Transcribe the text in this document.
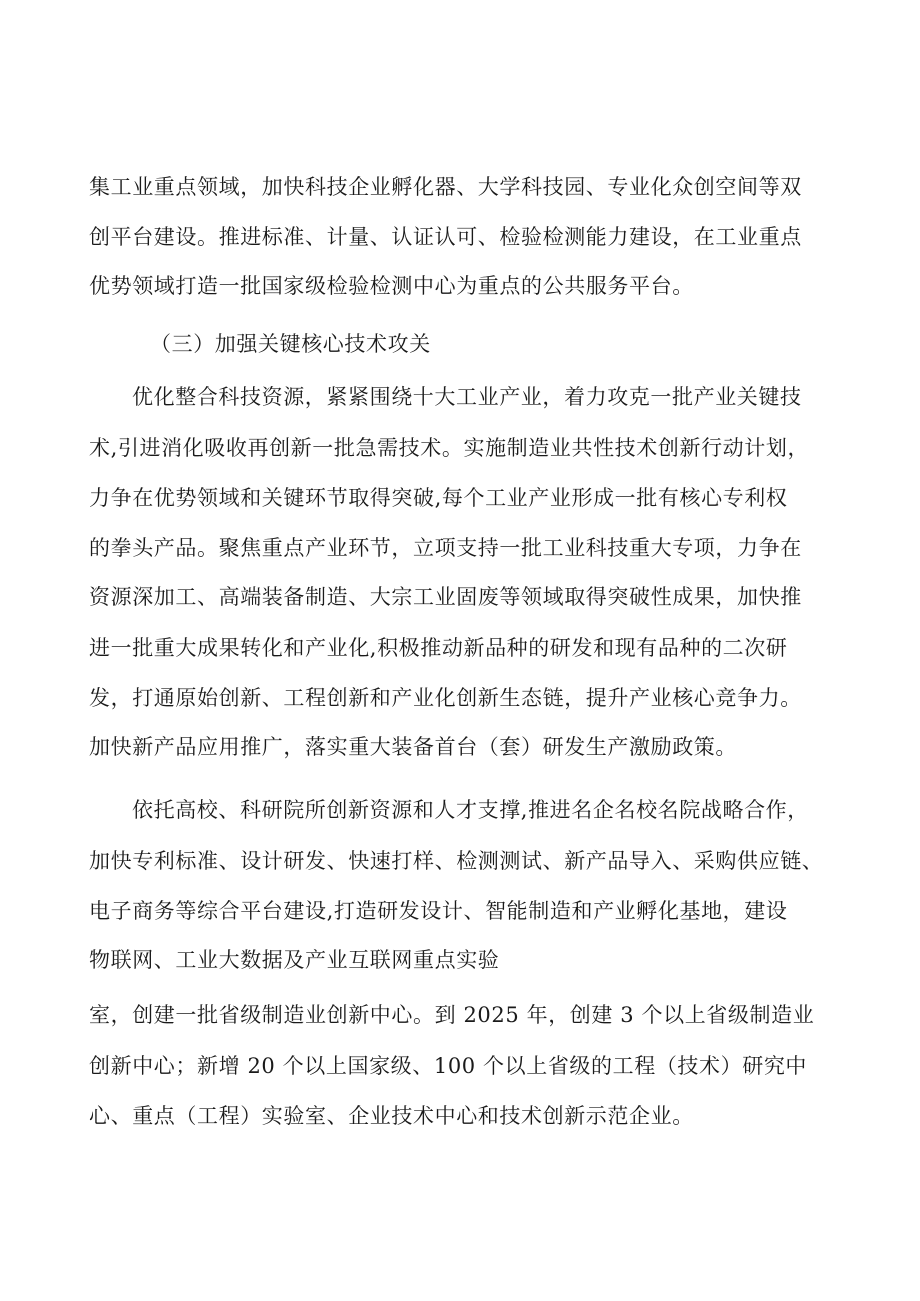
集工业重点领域，加快科技企业孵化器、大学科技园、专业化众创空间等双
创平台建设。推进标准、计量、认证认可、检验检测能力建设，在工业重点
优势领域打造一批国家级检验检测中心为重点的公共服务平台。
（三）加强关键核心技术攻关
优化整合科技资源，紧紧围绕十大工业产业，着力攻克一批产业关键技
术,引进消化吸收再创新一批急需技术。实施制造业共性技术创新行动计划，
力争在优势领域和关键环节取得突破,每个工业产业形成一批有核心专利权
的拳头产品。聚焦重点产业环节，立项支持一批工业科技重大专项，力争在
资源深加工、高端装备制造、大宗工业固废等领域取得突破性成果，加快推
进一批重大成果转化和产业化,积极推动新品种的研发和现有品种的二次研
发，打通原始创新、工程创新和产业化创新生态链，提升产业核心竞争力。
加快新产品应用推广，落实重大装备首台（套）研发生产激励政策。
依托高校、科研院所创新资源和人才支撑,推进名企名校名院战略合作，
加快专利标准、设计研发、快速打样、检测测试、新产品导入、采购供应链、
电子商务等综合平台建设,打造研发设计、智能制造和产业孵化基地，建设
物联网、工业大数据及产业互联网重点实验
室，创建一批省级制造业创新中心。到 2025 年，创建 3 个以上省级制造业
创新中心；新增 20 个以上国家级、100 个以上省级的工程（技术）研究中
心、重点（工程）实验室、企业技术中心和技术创新示范企业。
